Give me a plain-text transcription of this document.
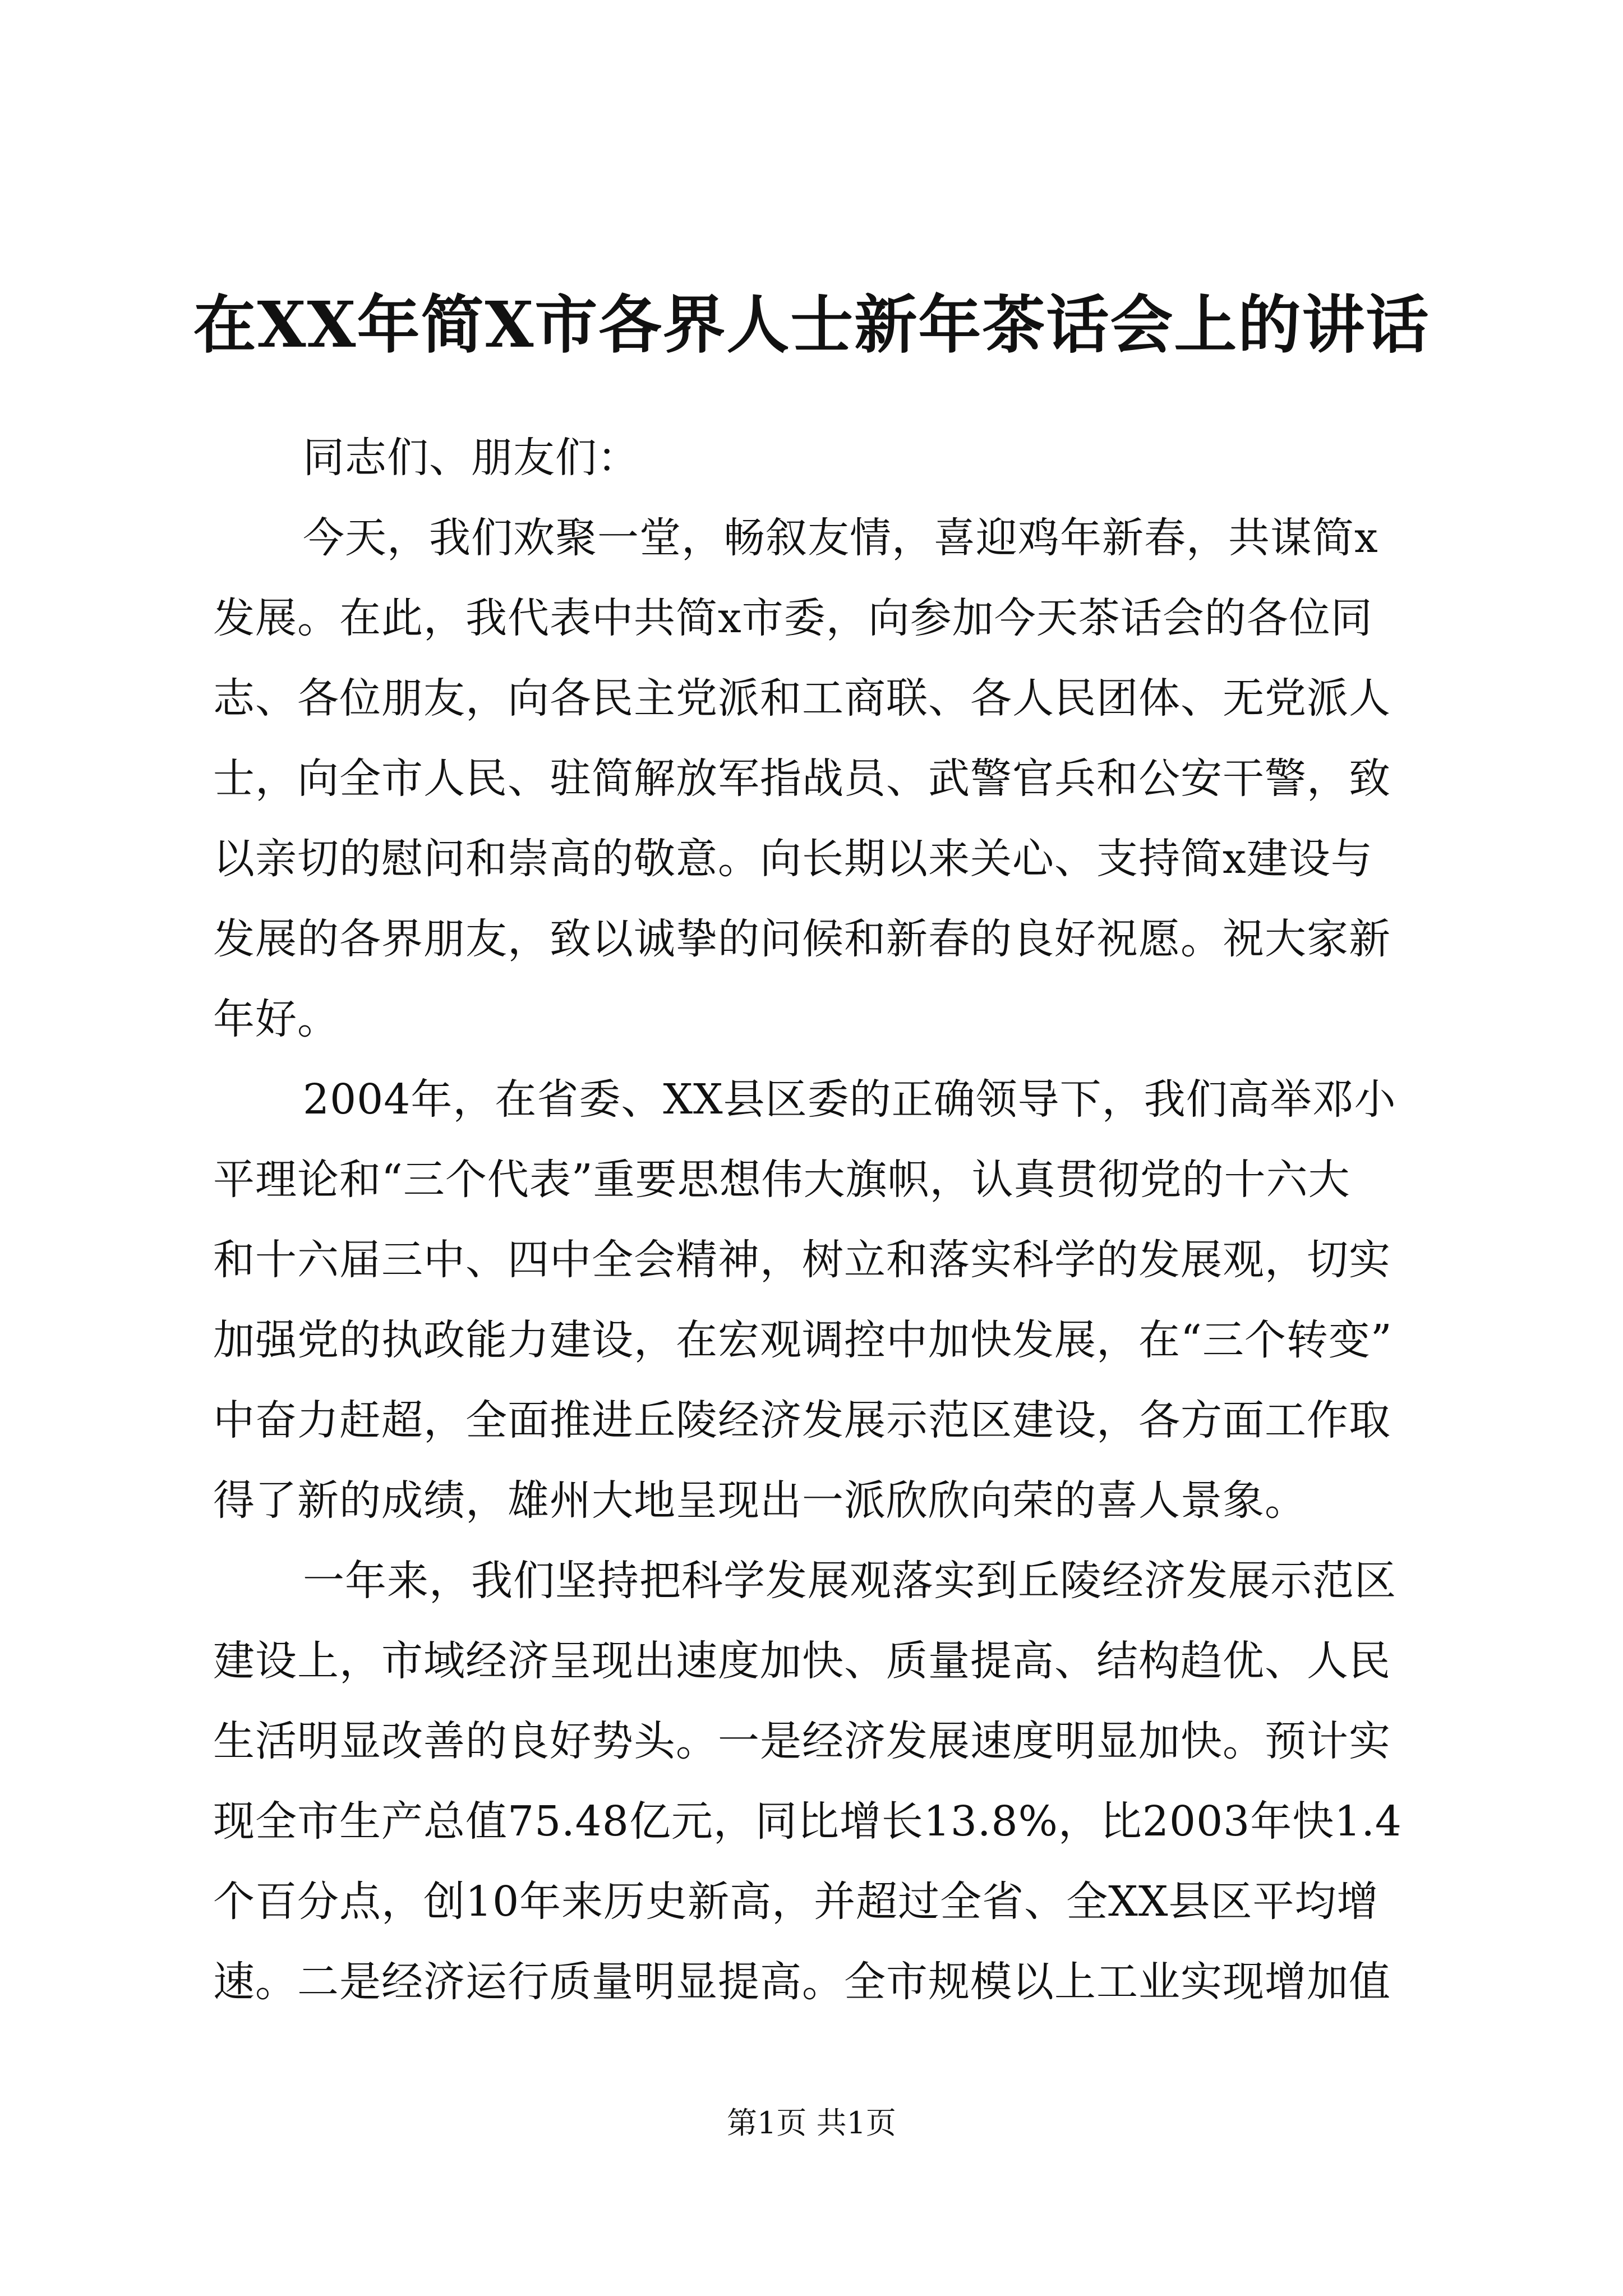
在XX年简X市各界人士新年茶话会上的讲话
同志们、朋友们：
今天，我们欢聚一堂，畅叙友情，喜迎鸡年新春，共谋简x
发展。在此，我代表中共简x市委，向参加今天茶话会的各位同
志、各位朋友，向各民主党派和工商联、各人民团体、无党派人
士，向全市人民、驻简解放军指战员、武警官兵和公安干警，致
以亲切的慰问和崇高的敬意。向长期以来关心、支持简x建设与
发展的各界朋友，致以诚挚的问候和新春的良好祝愿。祝大家新
年好。
2004年，在省委、XX县区委的正确领导下，我们高举邓小
平理论和“三个代表”重要思想伟大旗帜，认真贯彻党的十六大
和十六届三中、四中全会精神，树立和落实科学的发展观，切实
加强党的执政能力建设，在宏观调控中加快发展，在“三个转变”
中奋力赶超，全面推进丘陵经济发展示范区建设，各方面工作取
得了新的成绩，雄州大地呈现出一派欣欣向荣的喜人景象。
一年来，我们坚持把科学发展观落实到丘陵经济发展示范区
建设上，市域经济呈现出速度加快、质量提高、结构趋优、人民
生活明显改善的良好势头。一是经济发展速度明显加快。预计实
现全市生产总值75.48亿元，同比增长13.8%，比2003年快1.4
个百分点，创10年来历史新高，并超过全省、全XX县区平均增
速。二是经济运行质量明显提高。全市规模以上工业实现增加值
第1页 共1页
